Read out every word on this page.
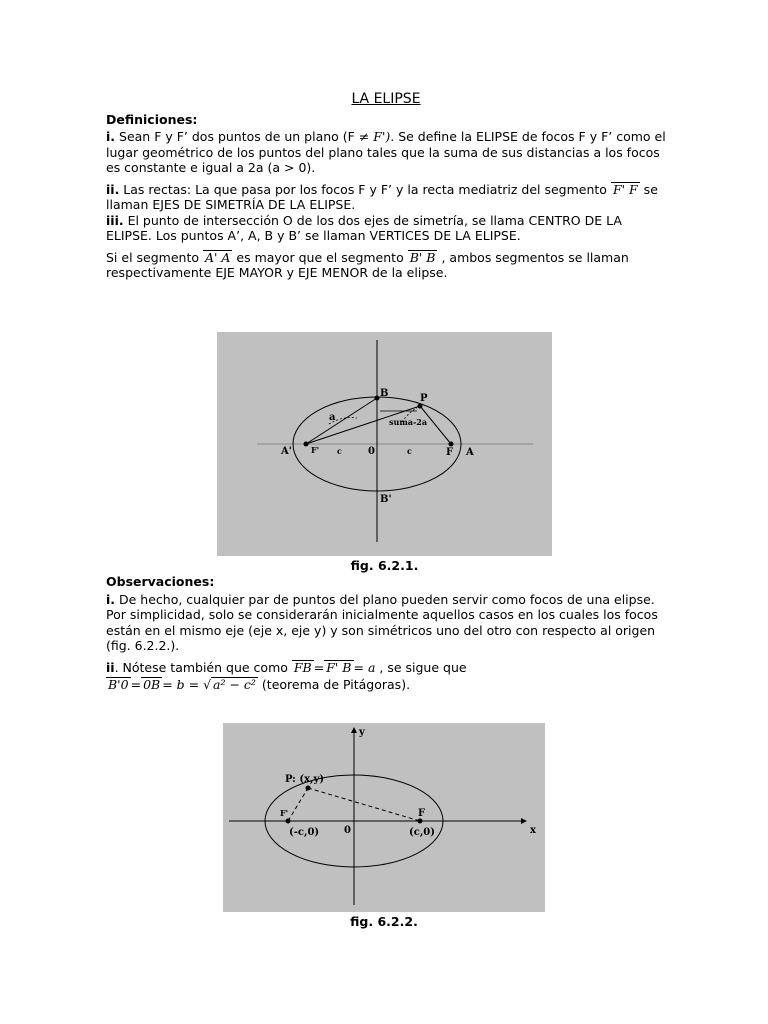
LA ELIPSE
Definiciones:

i. Sean F y F’ dos puntos de un plano (F ≠ F'). Se define la ELIPSE de focos F y F’ como el lugar geométrico de los puntos del plano tales que la suma de sus distancias a los focos es constante e igual a 2a (a > 0).

ii. Las rectas: La que pasa por los focos F y F’ y la recta mediatriz del segmento F' F se llaman EJES DE SIMETRÍA DE LA ELIPSE.

iii. El punto de intersección O de los dos ejes de simetría, se llama CENTRO DE LA ELIPSE. Los puntos A’, A, B y B’ se llaman VERTICES DE LA ELIPSE.

Si el segmento A' A es mayor que el segmento B' B , ambos segmentos se llaman respectivamente EJE MAYOR y EJE MENOR de la elipse.

B	P
a	suma-2a
A' F' c	0	c	F A
B'
fig. 6.2.1.
Observaciones:

i. De hecho, cualquier par de puntos del plano pueden servir como focos de una elipse. Por simplicidad, solo se considerarán inicialmente aquellos casos en los cuales los focos están en el mismo eje (eje x, eje y) y son simétricos uno del otro con respecto al origen (fig. 6.2.2.).

ii. Nótese también que como FB=F' B= a , se sigue que

B'0=0B= b = √ a² − c² (teorema de Pitágoras).

y
P: (x,y)
F'	F
(-c,0) 0	(c,0)	x
fig. 6.2.2.
